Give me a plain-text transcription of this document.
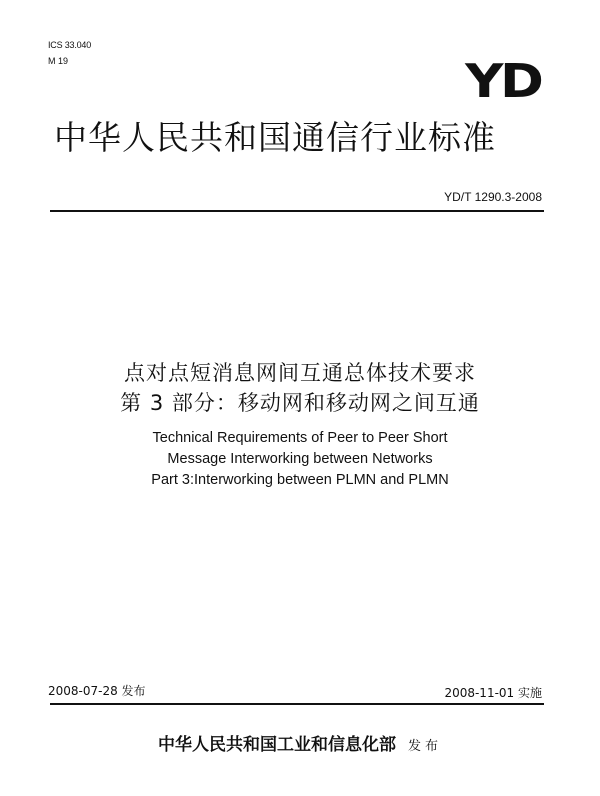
ICS 33.040
M 19	YD
中华人民共和国通信行业标准
YD/T 1290.3-2008
点对点短消息网间互通总体技术要求
第 3 部分：移动网和移动网之间互通
Technical Requirements of Peer to Peer Short
Message Interworking between Networks
Part 3:Interworking between PLMN and PLMN
2008-07-28 发布	2008-11-01 实施
中华人民共和国工业和信息化部 发布
